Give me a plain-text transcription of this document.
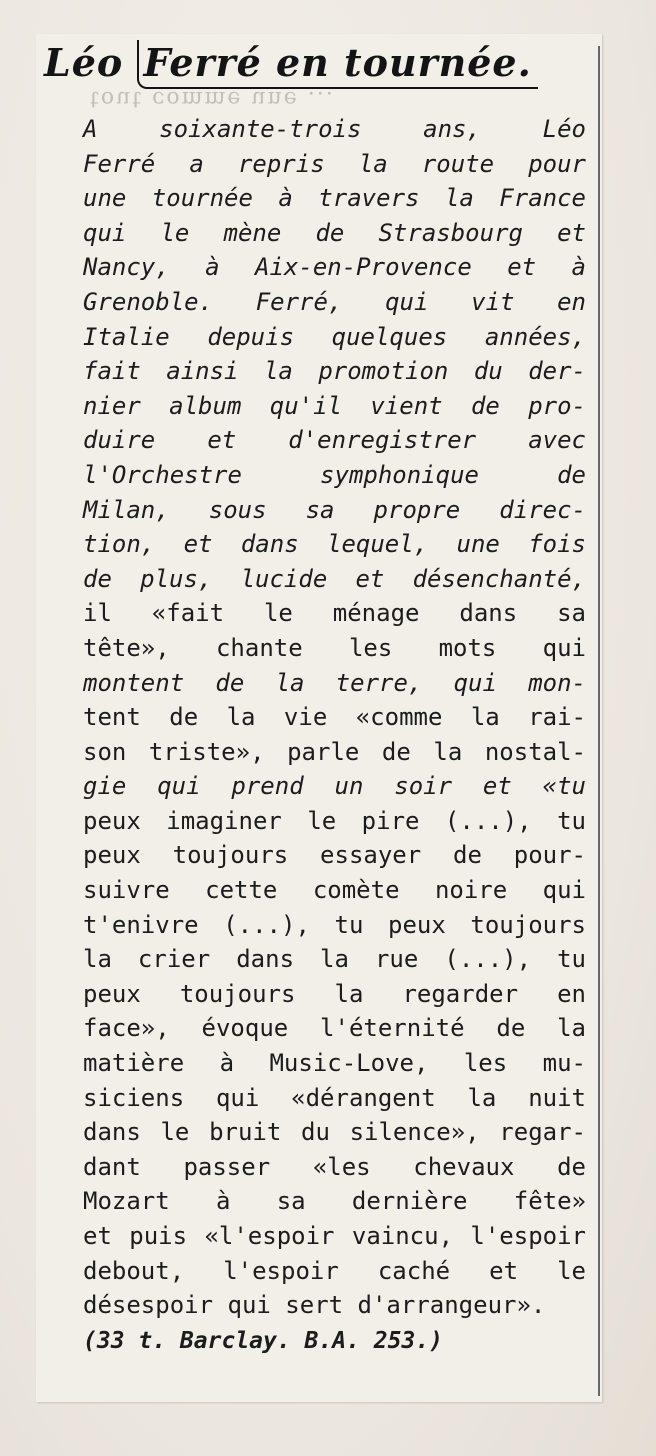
Léo Ferré en tournée.
tout comme une ...
A soixante-trois ans, Léo
Ferré a repris la route pour
une tournée à travers la France
qui le mène de Strasbourg et
Nancy, à Aix-en-Provence et à
Grenoble. Ferré, qui vit en
Italie depuis quelques années,
fait ainsi la promotion du der-
nier album qu'il vient de pro-
duire et d'enregistrer avec
l'Orchestre symphonique de
Milan, sous sa propre direc-
tion, et dans lequel, une fois
de plus, lucide et désenchanté,
il «fait le ménage dans sa
tête», chante les mots qui
montent de la terre, qui mon-
tent de la vie «comme la rai-
son triste», parle de la nostal-
gie qui prend un soir et «tu
peux imaginer le pire (...), tu
peux toujours essayer de pour-
suivre cette comète noire qui
t'enivre (...), tu peux toujours
la crier dans la rue (...), tu
peux toujours la regarder en
face», évoque l'éternité de la
matière à Music-Love, les mu-
siciens qui «dérangent la nuit
dans le bruit du silence», regar-
dant passer «les chevaux de
Mozart à sa dernière fête»
et puis «l'espoir vaincu, l'espoir
debout, l'espoir caché et le
désespoir qui sert d'arrangeur».
(33 t. Barclay. B.A. 253.)
